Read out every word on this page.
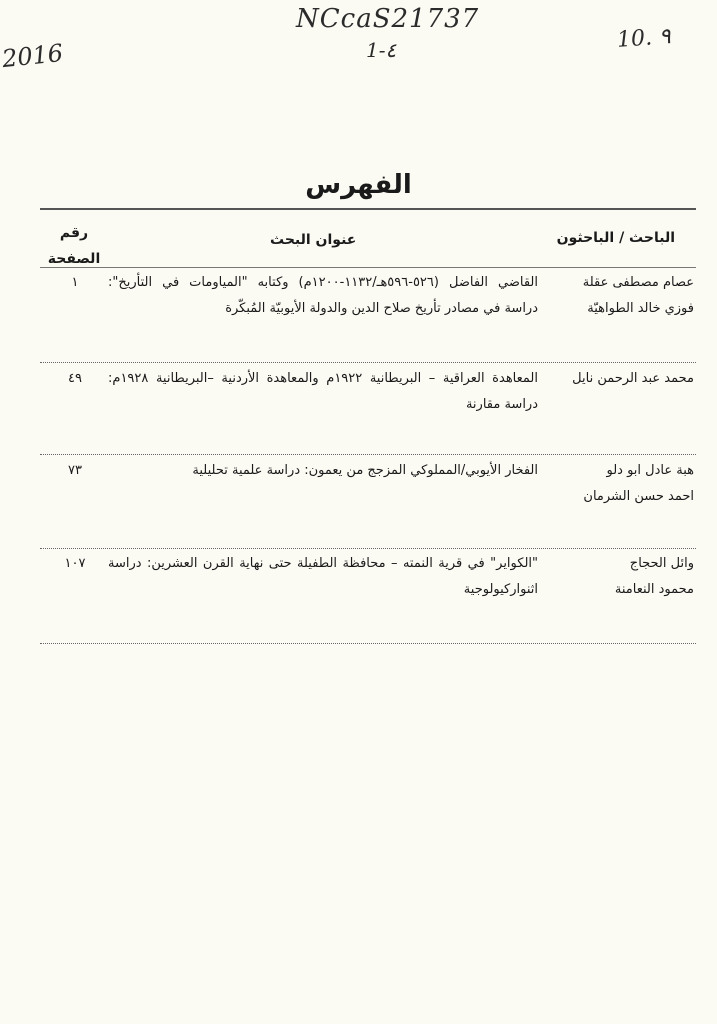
NCcaS21737
1-٤
2016	10. ٩
الفهرس
الباحث / الباحثون
عنوان البحث
رقم
الصفحة
عصام مصطفى عقلة
فوزي خالد الطواهيّة
القاضي الفاضل (٥٢٦-٥٩٦هـ/١١٣٢-١٢٠٠م) وكتابه "المياومات في التأريخ": دراسة في مصادر تأريخ صلاح الدين والدولة الأيوبيّة المُبكّرة
١
محمد عبد الرحمن نايل
المعاهدة العراقية – البريطانية ١٩٢٢م والمعاهدة الأردنية –البريطانية ١٩٢٨م: دراسة مقارنة
٤٩
هبة عادل ابو دلو
احمد حسن الشرمان
الفخار الأيوبي/المملوكي المزجج من يعمون: دراسة علمية تحليلية
٧٣
وائل الحجاج
محمود النعامنة
"الكواير" في قرية النمته – محافظة الطفيلة حتى نهاية القرن العشرين: دراسة اثنواركيولوجية
١٠٧
